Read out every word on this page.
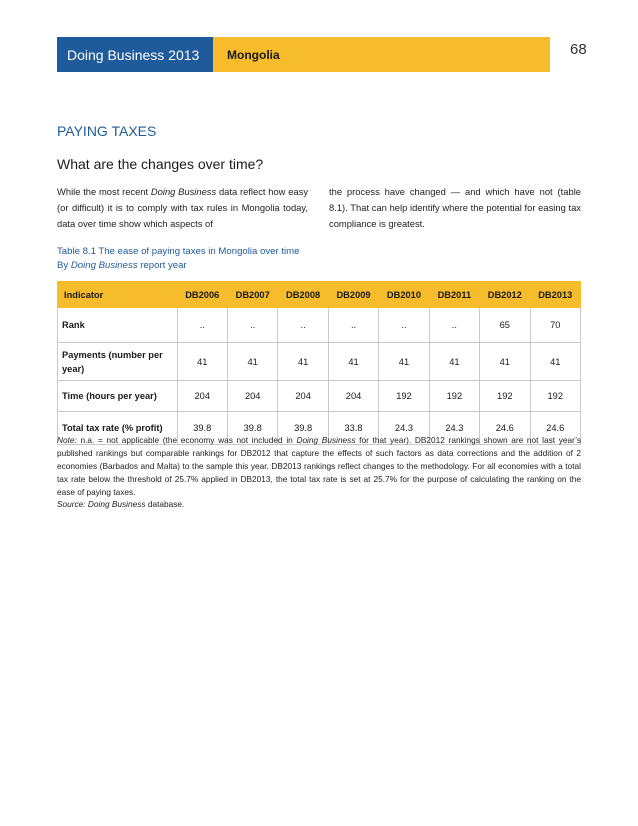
Doing Business 2013	Mongolia	68
PAYING TAXES
What are the changes over time?
While the most recent Doing Business data reflect how easy (or difficult) it is to comply with tax rules in Mongolia today, data over time show which aspects of
the process have changed — and which have not (table 8.1). That can help identify where the potential for easing tax compliance is greatest.
Table 8.1 The ease of paying taxes in Mongolia over time
By Doing Business report year
Indicator	DB2006	DB2007	DB2008	DB2009	DB2010	DB2011	DB2012	DB2013
Rank	..	..	..	..	..	..	65	70
Payments (number per year)	41	41	41	41	41	41	41	41
Time (hours per year)	204	204	204	204	192	192	192	192
Total tax rate (% profit)	39.8	39.8	39.8	33.8	24.3	24.3	24.6	24.6
Note: n.a. = not applicable (the economy was not included in Doing Business for that year). DB2012 rankings shown are not last year’s published rankings but comparable rankings for DB2012 that capture the effects of such factors as data corrections and the addition of 2 economies (Barbados and Malta) to the sample this year. DB2013 rankings reflect changes to the methodology. For all economies with a total tax rate below the threshold of 25.7% applied in DB2013, the total tax rate is set at 25.7% for the purpose of calculating the ranking on the ease of paying taxes.
Source: Doing Business database.
